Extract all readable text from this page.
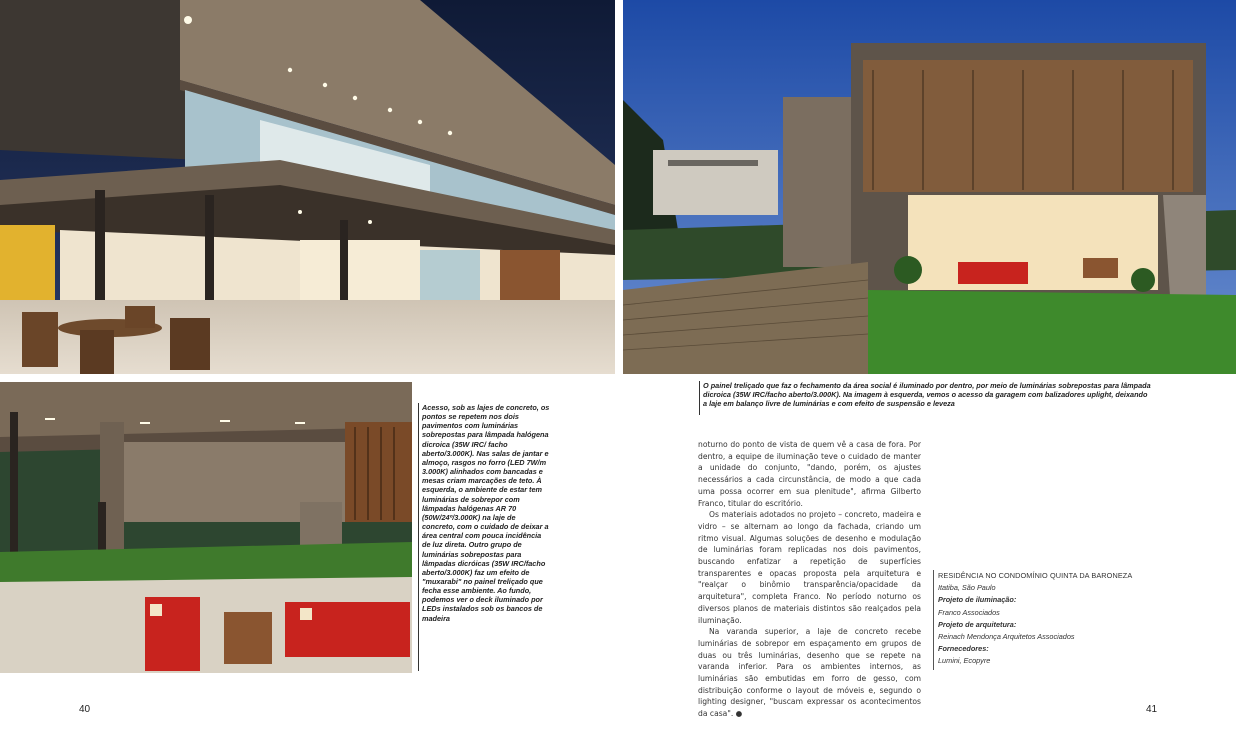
Acesso, sob as lajes de concreto, os pontos se repetem nos dois pavimentos com luminárias sobrepostas para lâmpada halógena dicroica (35W IRC/ facho aberto/3.000K). Nas salas de jantar e almoço, rasgos no forro (LED 7W/m 3.000K) alinhados com bancadas e mesas criam marcações de teto. À esquerda, o ambiente de estar tem luminárias de sobrepor com lâmpadas halógenas AR 70 (50W/24º/3.000K) na laje de concreto, com o cuidado de deixar a área central com pouca incidência de luz direta. Outro grupo de luminárias sobrepostas para lâmpadas dicróicas (35W IRC/facho aberto/3.000K) faz um efeito de "muxarabi" no painel treliçado que fecha esse ambiente. Ao fundo, podemos ver o deck iluminado por LEDs instalados sob os bancos de madeira
O painel treliçado que faz o fechamento da área social é iluminado por dentro, por meio de luminárias sobrepostas para lâmpada dicroica (35W IRC/facho aberto/3.000K). Na imagem à esquerda, vemos o acesso da garagem com balizadores uplight, deixando a laje em balanço livre de luminárias e com efeito de suspensão e leveza

noturno do ponto de vista de quem vê a casa de fora. Por dentro, a equipe de iluminação teve o cuidado de manter a unidade do conjunto, "dando, porém, os ajustes necessários a cada circunstância, de modo a que cada uma possa ocorrer em sua plenitude", afirma Gilberto Franco, titular do escritório.

Os materiais adotados no projeto – concreto, madeira e vidro – se alternam ao longo da fachada, criando um ritmo visual. Algumas soluções de desenho e modulação de luminárias foram replicadas nos dois pavimentos, buscando enfatizar a repetição de superfícies transparentes e opacas proposta pela arquitetura e "realçar o binômio transparência/opacidade da arquitetura", completa Franco. No período noturno os diversos planos de materiais distintos são realçados pela iluminação.

Na varanda superior, a laje de concreto recebe luminárias de sobrepor em espaçamento em grupos de duas ou três luminárias, desenho que se repete na varanda inferior. Para os ambientes internos, as luminárias são embutidas em forro de gesso, com distribuição conforme o layout de móveis e, segundo o lighting designer, "buscam expressar os acontecimentos da casa". ●

RESIDÊNCIA NO CONDOMÍNIO QUINTA DA BARONEZA
Itatiba, São Paulo
Projeto de iluminação:
Franco Associados
Projeto de arquitetura:
Reinach Mendonça Arquitetos Associados
Fornecedores:
Lumini, Ecopyre
40	41
